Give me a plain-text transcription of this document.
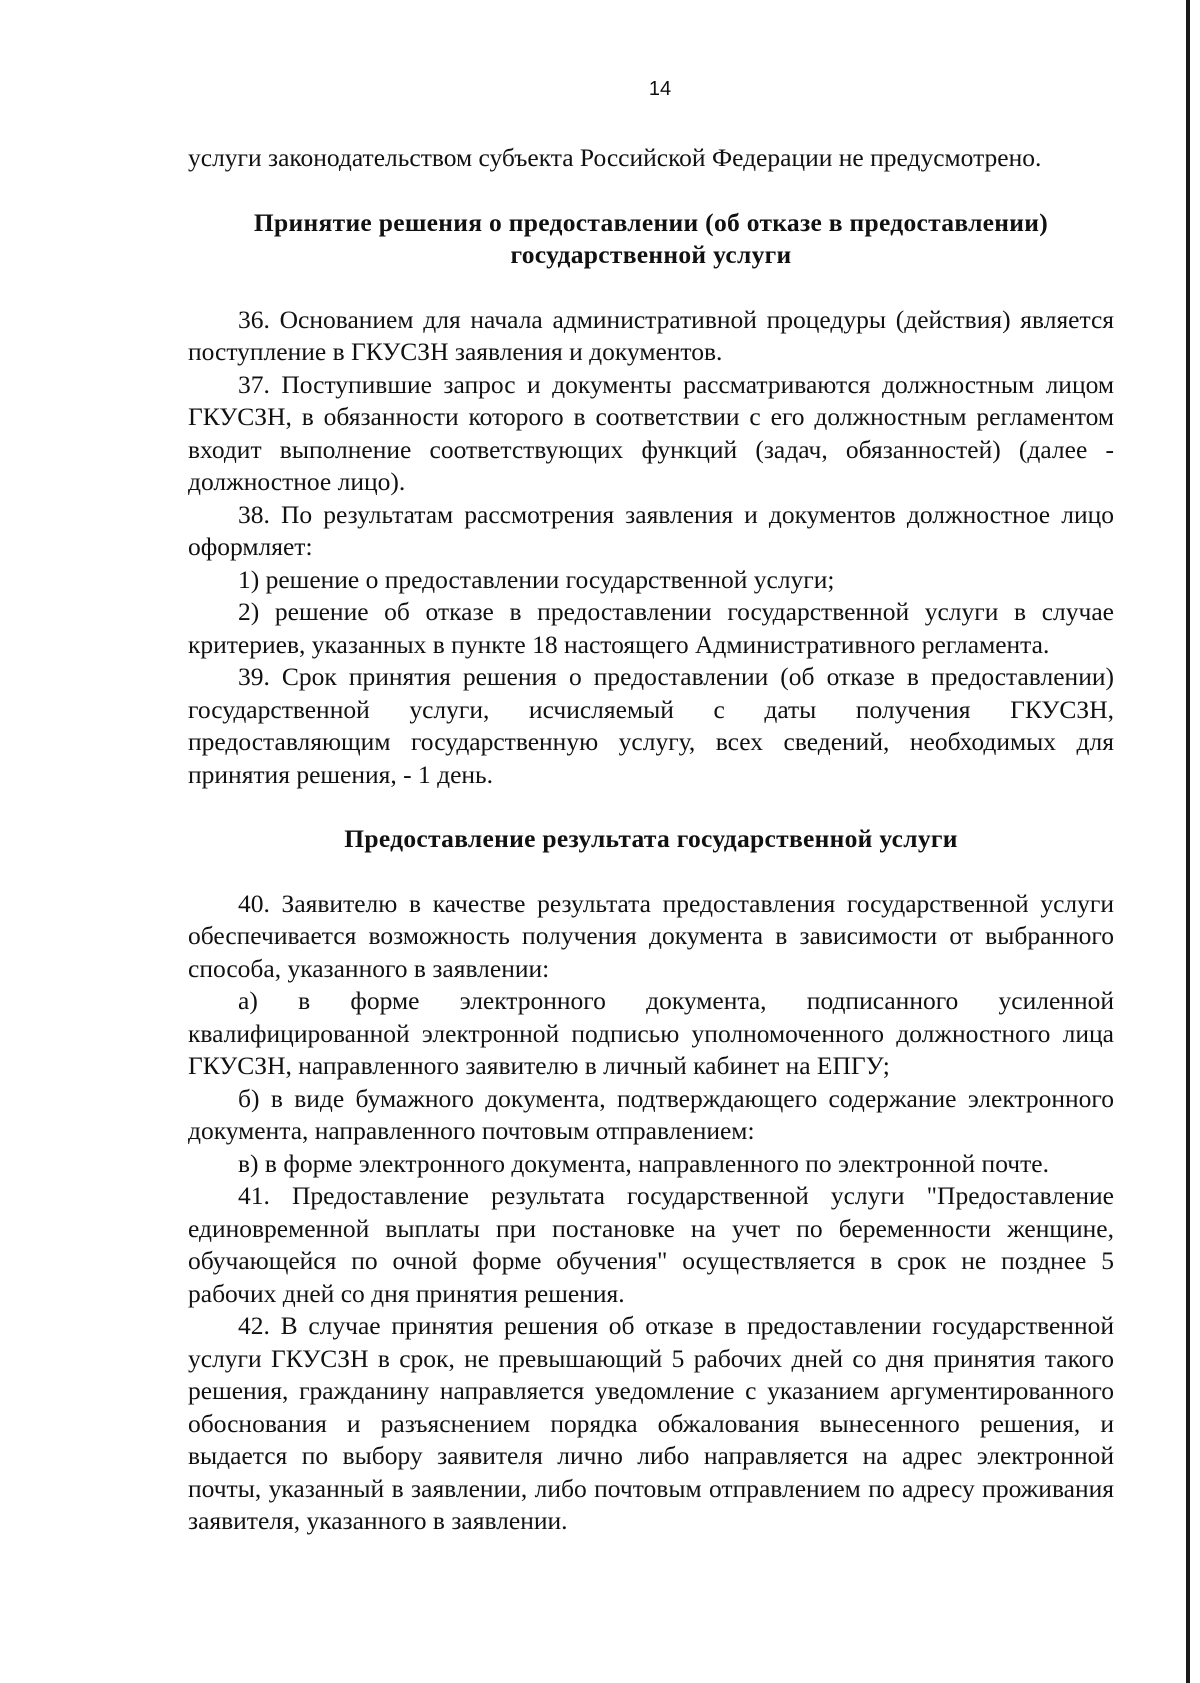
14

услуги законодательством субъекта Российской Федерации не предусмотрено.

Принятие решения о предоставлении (об отказе в предоставлении) государственной услуги

36. Основанием для начала административной процедуры (действия) является поступление в ГКУСЗН заявления и документов.

37. Поступившие запрос и документы рассматриваются должностным лицом ГКУСЗН, в обязанности которого в соответствии с его должностным регламентом входит выполнение соответствующих функций (задач, обязанностей) (далее - должностное лицо).

38. По результатам рассмотрения заявления и документов должностное лицо оформляет:

1) решение о предоставлении государственной услуги;

2) решение об отказе в предоставлении государственной услуги в случае критериев, указанных в пункте 18 настоящего Административного регламента.

39. Срок принятия решения о предоставлении (об отказе в предоставлении) государственной услуги, исчисляемый с даты получения ГКУСЗН, предоставляющим государственную услугу, всех сведений, необходимых для принятия решения, - 1 день.

Предоставление результата государственной услуги

40. Заявителю в качестве результата предоставления государственной услуги обеспечивается возможность получения документа в зависимости от выбранного способа, указанного в заявлении:

а) в форме электронного документа, подписанного усиленной квалифицированной электронной подписью уполномоченного должностного лица ГКУСЗН, направленного заявителю в личный кабинет на ЕПГУ;

б) в виде бумажного документа, подтверждающего содержание электронного документа, направленного почтовым отправлением:

в) в форме электронного документа, направленного по электронной почте.

41. Предоставление результата государственной услуги "Предоставление единовременной выплаты при постановке на учет по беременности женщине, обучающейся по очной форме обучения" осуществляется в срок не позднее 5 рабочих дней со дня принятия решения.

42. В случае принятия решения об отказе в предоставлении государственной услуги ГКУСЗН в срок, не превышающий 5 рабочих дней со дня принятия такого решения, гражданину направляется уведомление с указанием аргументированного обоснования и разъяснением порядка обжалования вынесенного решения, и выдается по выбору заявителя лично либо направляется на адрес электронной почты, указанный в заявлении, либо почтовым отправлением по адресу проживания заявителя, указанного в заявлении.
